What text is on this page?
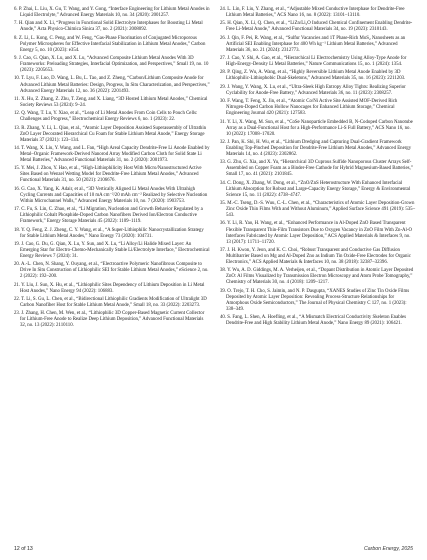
6. P. Zhai, L. Liu, X. Gu, T. Wang, and Y. Gong, “Interface Engineering for Lithium Metal Anodes in Liquid Electrolyte,” Advanced Energy Materials 10, no. 34 (2020): 2001257.

7. H. Qian and X. Li, “Progress in Functional Solid Electrolyte Interphases for Boosting Li Metal Anode,” Acta Physico-Chimica Sinica 37, no. 2 (2021): 2008092.

8. Z. Li, L. Kong, C. Peng, and W. Feng, “Gas-Phase Fluorination of Conjugated Microporous Polymer Microspheres for Effective Interfacial Stabilization in Lithium Metal Anodes,” Carbon Energy 5, no. 10 (2023): e354.

9. J. Cao, G. Qian, X. Lu, and X. Lu, “Advanced Composite Lithium Metal Anodes With 3D Frameworks: Preloading Strategies, Interfacial Optimization, and Perspectives,” Small 19, no. 10 (2023): 2205653.

10. T. Lyu, F. Luo, D. Wang, L. Bu, L. Tao, and Z. Zheng, “Carbon/Lithium Composite Anode for Advanced Lithium Metal Batteries: Design, Progress, In Situ Characterization, and Perspectives,” Advanced Energy Materials 12, no. 36 (2022): 2201493.

11. X. Hu, Z. Zhang, Z. Zhu, T. Zeng, and X. Liang, “3D Hosted Lithium Metal Anodes,” Chemical Society Reviews 53 (2024): 9–24.

12. Q. Wang, T. Lu, Y. Xiao, et al., “Leap of Li Metal Anodes From Coin Cells to Pouch Cells: Challenges and Progress,” Electrochemical Energy Reviews 6, no. 1 (2023): 22.

13. R. Zhang, Y. Li, L. Qiao, et al., “Atomic Layer Deposition Assisted Superassembly of Ultrathin ZnO Layer Decorated Hierarchical Cu Foam for Stable Lithium Metal Anode,” Energy Storage Materials 37 (2021): 123–134.

14. T. Wang, X. Liu, Y. Wang, and L. Fan, “High Areal Capacity Dendrite-Free Li Anode Enabled by Metal–Organic Framework-Derived Nanorod Array Modified Carbon Cloth for Solid State Li Metal Batteries,” Advanced Functional Materials 31, no. 2 (2020): 2001973.

15. Y. Mei, J. Zhou, Y. Hao, et al., “High-Lithiophilicity Host With Micro/Nanostructured Active Sites Based on Wenzel Wetting Model for Dendrite-Free Lithium Metal Anodes,” Advanced Functional Materials 31, no. 50 (2021): 2106676.

16. G. Cao, X. Yang, K. Adair, et al., “3D Vertically Aligned Li Metal Anodes With Ultrahigh Cycling Currents and Capacities of 10 mA cm⁻²/20 mAh cm⁻² Realized by Selective Nucleation Within Microchannel Walls,” Advanced Energy Materials 10, no. 7 (2020): 1903753.

17. C. Fu, S. Lin, C. Zhao, et al., “Li Migration, Nucleation and Growth Behavior Regulated by a Lithiophilic Cobalt Phosphide-Doped Carbon Nanofibers Derived Ion/Electron Conductive Framework,” Energy Storage Materials 45 (2022): 1109–1119.

18. Y. Q. Feng, Z. J. Zheng, C. Y. Wang, et al., “A Super-Lithiophilic Nanocrystallization Strategy for Stable Lithium Metal Anodes,” Nano Energy 73 (2020): 104731.

19. J. Cao, G. Du, G. Qian, X. Lu, Y. Sun, and X. Lu, “Li Alloy/Li Halide Mixed Layer: An Emerging Star for Electro-Chemo-Mechanically Stable Li/Electrolyte Interface,” Electrochemical Energy Reviews 7 (2024): 31.

20. A.-L. Chen, N. Shang, Y. Ouyang, et al., “Electroactive Polymeric Nanofibrous Composite to Drive In Situ Construction of Lithiophilic SEI for Stable Lithium Metal Anodes,” eScience 2, no. 2 (2022): 192–200.

21. Y. Liu, J. Sun, X. Hu, et al., “Lithiophilic Sites Dependency of Lithium Deposition in Li Metal Host Anodes,” Nano Energy 94 (2022): 106883.

22. T. Li, S. Gu, L. Chen, et al., “Bidirectional Lithiophilic Gradients Modification of Ultralight 3D Carbon Nanofiber Host for Stable Lithium Metal Anode,” Small 18, no. 33 (2022): 2203273.

23. J. Zhang, H. Chen, M. Wen, et al., “Lithiophilic 3D Copper-Based Magnetic Current Collector for Lithium-Free Anode to Realize Deep Lithium Deposition,” Advanced Functional Materials 32, no. 13 (2022): 2110110.

24. L. Lin, F. Liu, Y. Zhang, et al., “Adjustable Mixed Conductive Interphase for Dendrite-Free Lithium Metal Batteries,” ACS Nano 16, no. 8 (2022): 13101–13110.

25. H. Qian, X. Li, Q. Chen, et al., “LiZn/Li₂O Induced Chemical Confinement Enabling Dendrite-Free Li-Metal Anode,” Advanced Functional Materials 34, no. 19 (2023): 2310143.

26. J. Qin, F. Pei, R. Wang, et al., “Sulfur Vacancies and 1T Phase-Rich MoS₂ Nanosheets as an Artificial SEI Enabling Interphase for 400 Wh kg⁻¹ Lithium Metal Batteries,” Advanced Materials 36, no. 21 (2024): 2312773.

27. J. Cao, Y. Shi, A. Gao, et al., “Hierarchical Li Electrochemistry Using Alloy-Type Anode for High-Energy-Density Li Metal Batteries,” Nature Communications 15, no. 1 (2024): 1354.

28. P. Qing, Z. Wu, A. Wang, et al., “Highly Reversible Lithium Metal Anode Enabled by 3D Lithiophilic-Lithiophobic Dual-Skeletons,” Advanced Materials 35, no. 16 (2023): 2211203.

29. J. Wang, Y. Wang, X. Lu, et al., “Ultra-Sleek High Entropy Alloy Tights: Realizing Superior Cyclability for Anode-Free Battery,” Advanced Materials 36, no. 11 (2023): 2308257.

30. F. Wang, T. Feng, X. Jin, et al., “Atomic Co/Ni Active Site Assisted MOF-Derived Rich Nitrogen-Doped Carbon Hollow Nanocages for Enhanced Lithium Storage,” Chemical Engineering Journal 420 (2021): 127583.

31. Y. Li, X. Wang, M. Sun, et al., “CoSe Nanoparticle Embedded B, N-Codoped Carbon Nanotube Array as a Dual-Functional Host for a High-Performance Li-S Full Battery,” ACS Nano 16, no. 10 (2022): 17008–17020.

32. J. Pan, K. Shi, H. Wu, et al., “Lithium Dredging and Capturing Dual-Gradient Framework Enabling Top-Pinched Deposition for Dendrite-Free Lithium Metal Anodes,” Advanced Energy Materials 14, no. 4 (2023): 2302862.

33. G. Zhu, G. Xia, and X. Yu, “Hierarchical 3D Cuprous Sulfide Nanoporous Cluster Arrays Self-Assembled on Copper Foam as a Binder-Free Cathode for Hybrid Magnesium-Based Batteries,” Small 17, no. 41 (2021): 2101845.

34. C. Dong, X. Zhang, W. Dong, et al., “ZnO/ZnS Heterostructure With Enhanced Interfacial Lithium Absorption for Robust and Large-Capacity Energy Storage,” Energy & Environmental Science 15, no. 11 (2022): 4738–4747.

35. M.-C. Tseng, D.-S. Wuu, C.-L. Chen, et al., “Characteristics of Atomic Layer Deposition-Grown Zinc Oxide Thin Films With and Without Aluminum,” Applied Surface Science 491 (2019): 535–543.

36. Y. Li, R. Yao, H. Wang, et al., “Enhanced Performance in Al-Doped ZnO Based Transparent Flexible Transparent Thin-Film Transistors Due to Oxygen Vacancy in ZnO Film With Zn-Al-O Interfaces Fabricated by Atomic Layer Deposition,” ACS Applied Materials & Interfaces 9, no. 13 (2017): 11711–11720.

37. J. H. Kwon, Y. Jeon, and K. C. Choi, “Robust Transparent and Conductive Gas Diffusion Multibarrier Based on Mg and Al-Doped Zno as Indium Tin Oxide-Free Electrodes for Organic Electronics,” ACS Applied Materials & Interfaces 10, no. 38 (2018): 32387–32396.

38. Y. Wu, A. D. Giddings, M. A. Verheijen, et al., “Dopant Distribution in Atomic Layer Deposited ZnO: Al Films Visualized by Transmission Electron Microscopy and Atom Probe Tomography,” Chemistry of Materials 30, no. 4 (2018): 1209–1217.

39. O. Trejo, T. H. Cho, S. Jaimin, and N. P. Dasgupta, “XANES Studies of Zinc Tin Oxide Films Deposited by Atomic Layer Deposition: Revealing Process-Structure Relationships for Amorphous Oxide Semiconductors,” The Journal of Physical Chemistry C 127, no. 1 (2023): 338–349.

40. S. Fang, L. Shen, A. Hoefling, et al., “A Mismatch Electrical Conductivity Skeleton Enables Dendrite-Free and High Stability Lithium Metal Anode,” Nano Energy 89 (2021): 106421.

12 of 13	Carbon Energy, 2025
